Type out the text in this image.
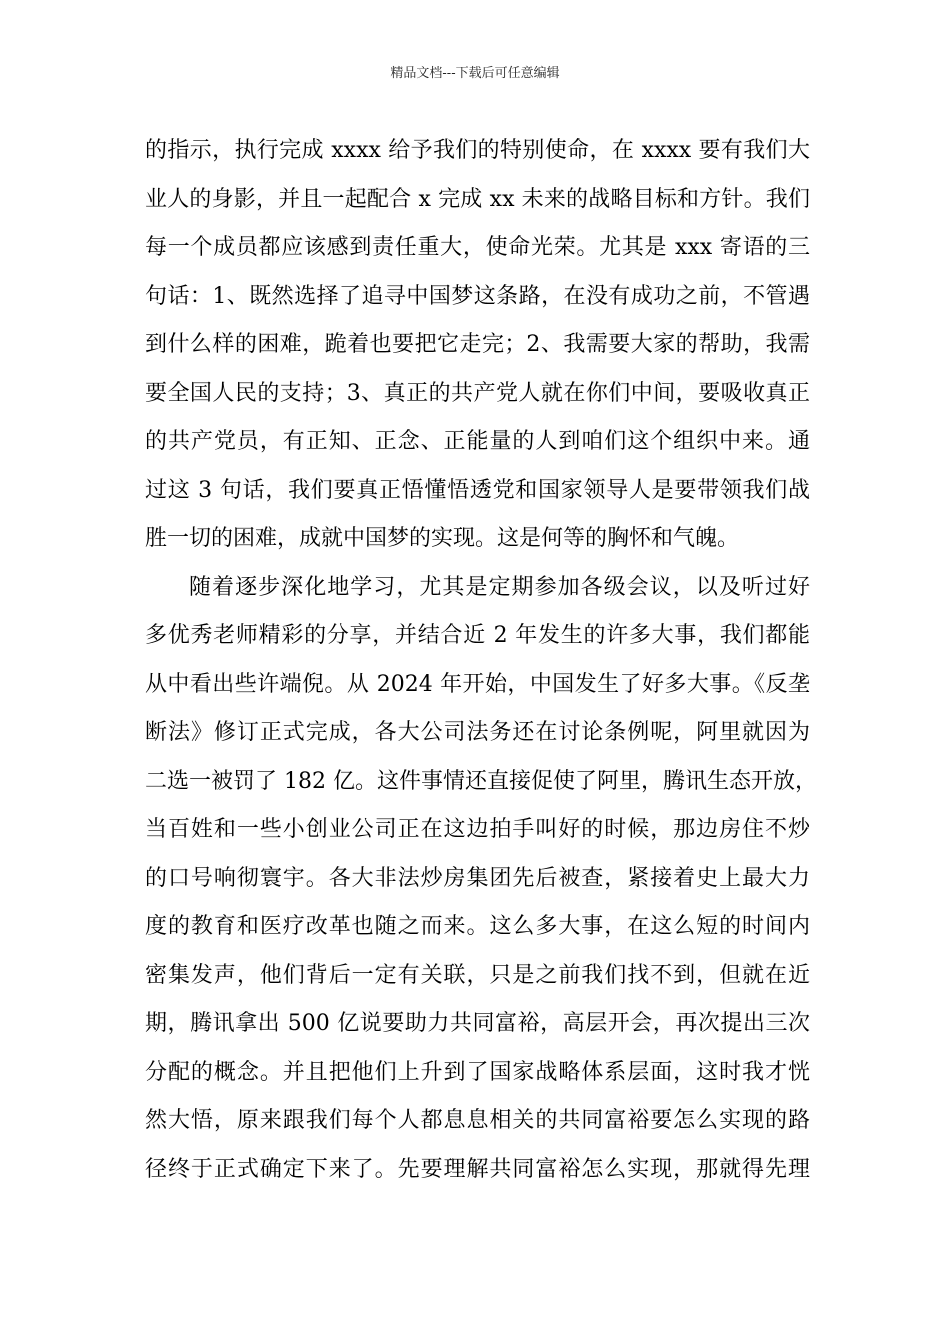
精品文档---下载后可任意编辑
的指示，执行完成 xxxx 给予我们的特别使命，在 xxxx 要有我们大
业人的身影，并且一起配合 x 完成 xx 未来的战略目标和方针。我们
每一个成员都应该感到责任重大，使命光荣。尤其是 xxx 寄语的三
句话：1、既然选择了追寻中国梦这条路，在没有成功之前，不管遇
到什么样的困难，跪着也要把它走完；2、我需要大家的帮助，我需
要全国人民的支持；3、真正的共产党人就在你们中间，要吸收真正
的共产党员，有正知、正念、正能量的人到咱们这个组织中来。通
过这 3 句话，我们要真正悟懂悟透党和国家领导人是要带领我们战
胜一切的困难，成就中国梦的实现。这是何等的胸怀和气魄。
随着逐步深化地学习，尤其是定期参加各级会议，以及听过好
多优秀老师精彩的分享，并结合近 2 年发生的许多大事，我们都能
从中看出些许端倪。从 2024 年开始，中国发生了好多大事。《反垄
断法》修订正式完成，各大公司法务还在讨论条例呢，阿里就因为
二选一被罚了 182 亿。这件事情还直接促使了阿里，腾讯生态开放，
当百姓和一些小创业公司正在这边拍手叫好的时候，那边房住不炒
的口号响彻寰宇。各大非法炒房集团先后被查，紧接着史上最大力
度的教育和医疗改革也随之而来。这么多大事，在这么短的时间内
密集发声，他们背后一定有关联，只是之前我们找不到，但就在近
期，腾讯拿出 500 亿说要助力共同富裕，高层开会，再次提出三次
分配的概念。并且把他们上升到了国家战略体系层面，这时我才恍
然大悟，原来跟我们每个人都息息相关的共同富裕要怎么实现的路
径终于正式确定下来了。先要理解共同富裕怎么实现，那就得先理
